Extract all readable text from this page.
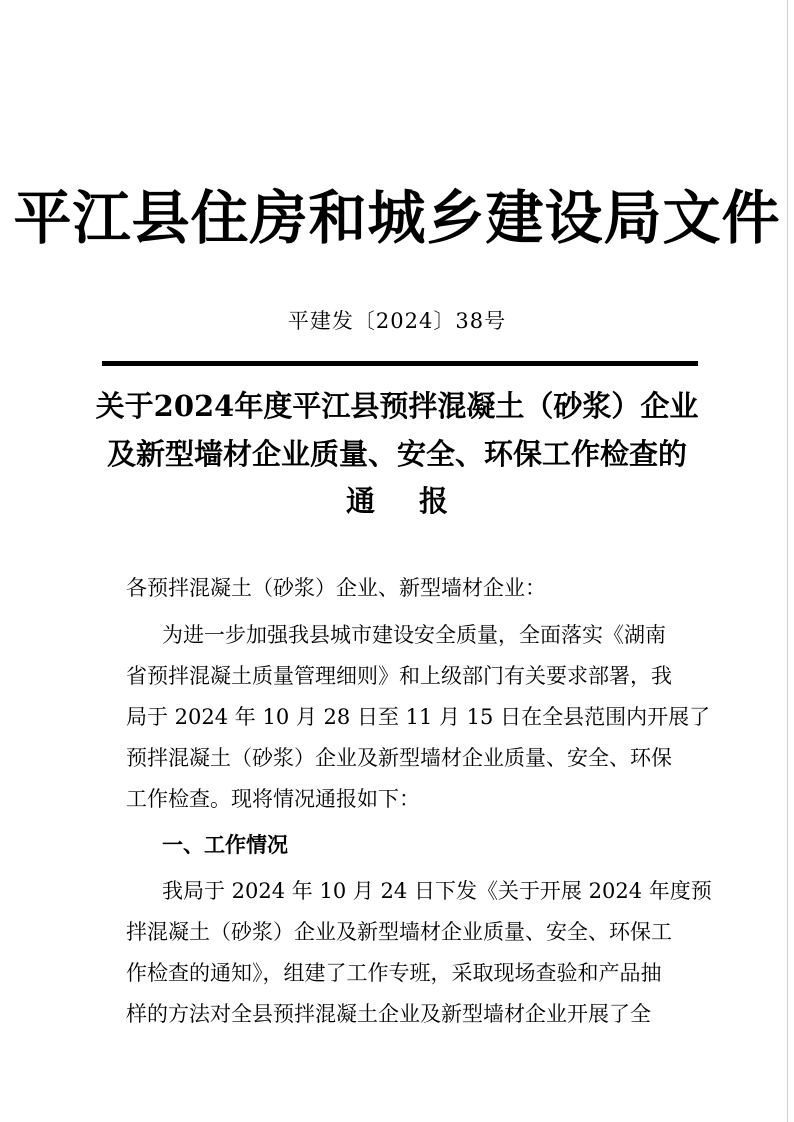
平江县住房和城乡建设局文件
平建发〔2024〕38号
关于2024年度平江县预拌混凝土（砂浆）企业
及新型墙材企业质量、安全、环保工作检查的
通报
各预拌混凝土（砂浆）企业、新型墙材企业：
为进一步加强我县城市建设安全质量，全面落实《湖南
省预拌混凝土质量管理细则》和上级部门有关要求部署，我
局于 2024 年 10 月 28 日至 11 月 15 日在全县范围内开展了
预拌混凝土（砂浆）企业及新型墙材企业质量、安全、环保
工作检查。现将情况通报如下：
一、工作情况
我局于 2024 年 10 月 24 日下发《关于开展 2024 年度预
拌混凝土（砂浆）企业及新型墙材企业质量、安全、环保工
作检查的通知》，组建了工作专班，采取现场查验和产品抽
样的方法对全县预拌混凝土企业及新型墙材企业开展了全
